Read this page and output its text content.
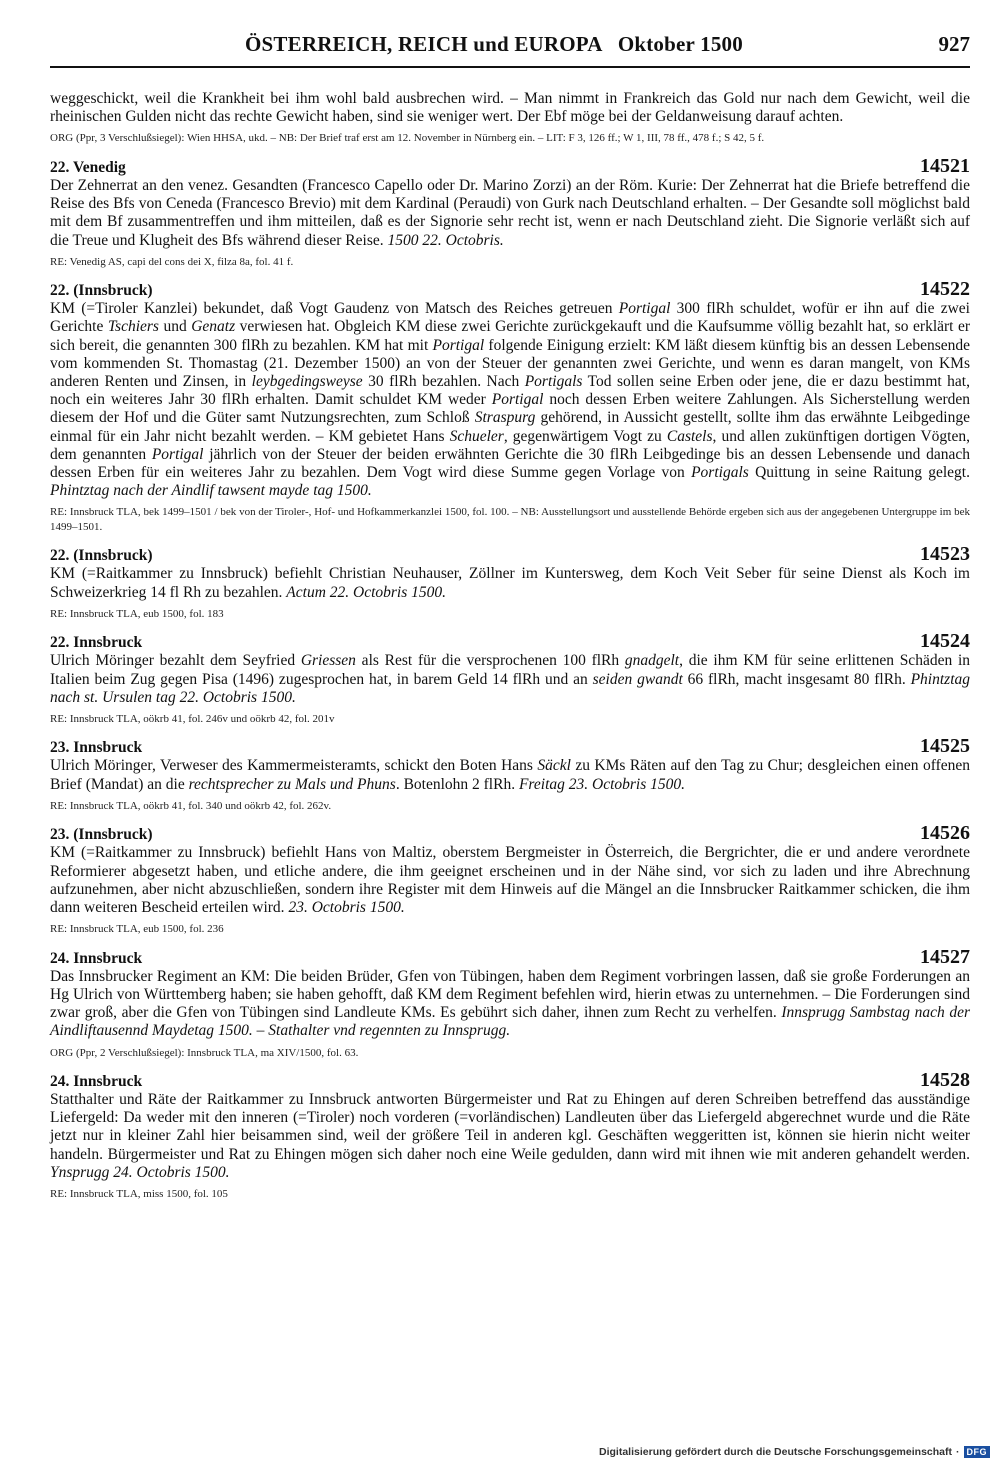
ÖSTERREICH, REICH und EUROPA   Oktober 1500	927

weggeschickt, weil die Krankheit bei ihm wohl bald ausbrechen wird. – Man nimmt in Frankreich das Gold nur nach dem Gewicht, weil die rheinischen Gulden nicht das rechte Gewicht haben, sind sie weniger wert. Der Ebf möge bei der Geldanweisung darauf achten.

ORG (Ppr, 3 Verschlußsiegel): Wien HHSA, ukd. – NB: Der Brief traf erst am 12. November in Nürnberg ein. – LIT: F 3, 126 ff.; W 1, III, 78 ff., 478 f.; S 42, 5 f.

22. Venedig	14521

Der Zehnerrat an den venez. Gesandten (Francesco Capello oder Dr. Marino Zorzi) an der Röm. Kurie: Der Zehnerrat hat die Briefe betreffend die Reise des Bfs von Ceneda (Francesco Brevio) mit dem Kardinal (Peraudi) von Gurk nach Deutschland erhalten. – Der Gesandte soll möglichst bald mit dem Bf zusammentreffen und ihm mitteilen, daß es der Signorie sehr recht ist, wenn er nach Deutschland zieht. Die Signorie verläßt sich auf die Treue und Klugheit des Bfs während dieser Reise. 1500 22. Octobris.

RE: Venedig AS, capi del cons dei X, filza 8a, fol. 41 f.

22. (Innsbruck)	14522

KM (=Tiroler Kanzlei) bekundet, daß Vogt Gaudenz von Matsch des Reiches getreuen Portigal 300 flRh schuldet, wofür er ihn auf die zwei Gerichte Tschiers und Genatz verwiesen hat. Obgleich KM diese zwei Gerichte zurückgekauft und die Kaufsumme völlig bezahlt hat, so erklärt er sich bereit, die genannten 300 flRh zu bezahlen. KM hat mit Portigal folgende Einigung erzielt: KM läßt diesem künftig bis an dessen Lebensende vom kommenden St. Thomastag (21. Dezember 1500) an von der Steuer der genannten zwei Gerichte, und wenn es daran mangelt, von KMs anderen Renten und Zinsen, in leybgedingsweyse 30 flRh bezahlen. Nach Portigals Tod sollen seine Erben oder jene, die er dazu bestimmt hat, noch ein weiteres Jahr 30 flRh erhalten. Damit schuldet KM weder Portigal noch dessen Erben weitere Zahlungen. Als Sicherstellung werden diesem der Hof und die Güter samt Nutzungsrechten, zum Schloß Straspurg gehörend, in Aussicht gestellt, sollte ihm das erwähnte Leibgedinge einmal für ein Jahr nicht bezahlt werden. – KM gebietet Hans Schueler, gegenwärtigem Vogt zu Castels, und allen zukünftigen dortigen Vögten, dem genannten Portigal jährlich von der Steuer der beiden erwähnten Gerichte die 30 flRh Leibgedinge bis an dessen Lebensende und danach dessen Erben für ein weiteres Jahr zu bezahlen. Dem Vogt wird diese Summe gegen Vorlage von Portigals Quittung in seine Raitung gelegt. Phintztag nach der Aindlif tawsent mayde tag 1500.

RE: Innsbruck TLA, bek 1499–1501 / bek von der Tiroler-, Hof- und Hofkammerkanzlei 1500, fol. 100. – NB: Ausstellungsort und ausstellende Behörde ergeben sich aus der angegebenen Untergruppe im bek 1499–1501.

22. (Innsbruck)	14523

KM (=Raitkammer zu Innsbruck) befiehlt Christian Neuhauser, Zöllner im Kuntersweg, dem Koch Veit Seber für seine Dienst als Koch im Schweizerkrieg 14 fl Rh zu bezahlen. Actum 22. Octobris 1500.

RE: Innsbruck TLA, eub 1500, fol. 183

22. Innsbruck	14524

Ulrich Möringer bezahlt dem Seyfried Griessen als Rest für die versprochenen 100 flRh gnadgelt, die ihm KM für seine erlittenen Schäden in Italien beim Zug gegen Pisa (1496) zugesprochen hat, in barem Geld 14 flRh und an seiden gwandt 66 flRh, macht insgesamt 80 flRh. Phintztag nach st. Ursulen tag 22. Octobris 1500.

RE: Innsbruck TLA, oökrb 41, fol. 246v und oökrb 42, fol. 201v

23. Innsbruck	14525

Ulrich Möringer, Verweser des Kammermeisteramts, schickt den Boten Hans Säckl zu KMs Räten auf den Tag zu Chur; desgleichen einen offenen Brief (Mandat) an die rechtsprecher zu Mals und Phuns. Botenlohn 2 flRh. Freitag 23. Octobris 1500.

RE: Innsbruck TLA, oökrb 41, fol. 340 und oökrb 42, fol. 262v.

23. (Innsbruck)	14526

KM (=Raitkammer zu Innsbruck) befiehlt Hans von Maltiz, oberstem Bergmeister in Österreich, die Bergrichter, die er und andere verordnete Reformierer abgesetzt haben, und etliche andere, die ihm geeignet erscheinen und in der Nähe sind, vor sich zu laden und ihre Abrechnung aufzunehmen, aber nicht abzuschließen, sondern ihre Register mit dem Hinweis auf die Mängel an die Innsbrucker Raitkammer schicken, die ihm dann weiteren Bescheid erteilen wird. 23. Octobris 1500.

RE: Innsbruck TLA, eub 1500, fol. 236

24. Innsbruck	14527

Das Innsbrucker Regiment an KM: Die beiden Brüder, Gfen von Tübingen, haben dem Regiment vorbringen lassen, daß sie große Forderungen an Hg Ulrich von Württemberg haben; sie haben gehofft, daß KM dem Regiment befehlen wird, hierin etwas zu unternehmen. – Die Forderungen sind zwar groß, aber die Gfen von Tübingen sind Landleute KMs. Es gebührt sich daher, ihnen zum Recht zu verhelfen. Innsprugg Sambstag nach der Aindliftausennd Maydetag 1500. – Stathalter vnd regennten zu Innsprugg.

ORG (Ppr, 2 Verschlußsiegel): Innsbruck TLA, ma XIV/1500, fol. 63.

24. Innsbruck	14528

Statthalter und Räte der Raitkammer zu Innsbruck antworten Bürgermeister und Rat zu Ehingen auf deren Schreiben betreffend das ausständige Liefergeld: Da weder mit den inneren (=Tiroler) noch vorderen (=vorländischen) Landleuten über das Liefergeld abgerechnet wurde und die Räte jetzt nur in kleiner Zahl hier beisammen sind, weil der größere Teil in anderen kgl. Geschäften weggeritten ist, können sie hierin nicht weiter handeln. Bürgermeister und Rat zu Ehingen mögen sich daher noch eine Weile gedulden, dann wird mit ihnen wie mit anderen gehandelt werden. Ynsprugg 24. Octobris 1500.

RE: Innsbruck TLA, miss 1500, fol. 105

Digitalisierung gefördert durch die Deutsche Forschungsgemeinschaft · DFG
